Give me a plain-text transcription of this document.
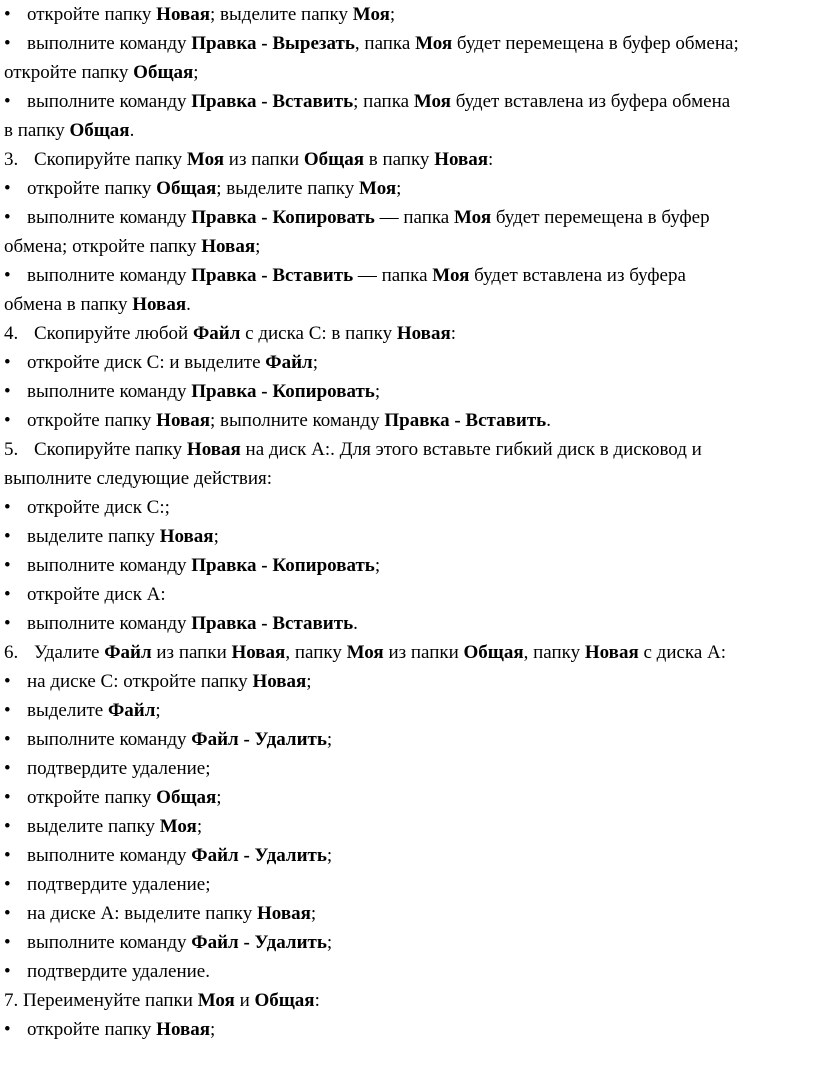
• откройте папку Новая; выделите папку Моя;
• выполните команду Правка - Вырезать, папка Моя будет перемещена в буфер обмена;
откройте папку Общая;
• выполните команду Правка - Вставить; папка Моя будет вставлена из буфера обмена
в папку Общая.
3. Скопируйте папку Моя из папки Общая в папку Новая:
• откройте папку Общая; выделите папку Моя;
• выполните команду Правка - Копировать — папка Моя будет перемещена в буфер
обмена; откройте папку Новая;
• выполните команду Правка - Вставить — папка Моя будет вставлена из буфера
обмена в папку Новая.
4. Скопируйте любой Файл с диска С: в папку Новая:
• откройте диск С: и выделите Файл;
• выполните команду Правка - Копировать;
• откройте папку Новая; выполните команду Правка - Вставить.
5. Скопируйте папку Новая на диск А:. Для этого вставьте гибкий диск в дисковод и
выполните следующие действия:
• откройте диск С:;
• выделите папку Новая;
• выполните команду Правка - Копировать;
• откройте диск А:
• выполните команду Правка - Вставить.
6. Удалите Файл из папки Новая, папку Моя из папки Общая, папку Новая с диска А:
• на диске С: откройте папку Новая;
• выделите Файл;
• выполните команду Файл - Удалить;
• подтвердите удаление;
• откройте папку Общая;
• выделите папку Моя;
• выполните команду Файл - Удалить;
• подтвердите удаление;
• на диске А: выделите папку Новая;
• выполните команду Файл - Удалить;
• подтвердите удаление.
7. Переименуйте папки Моя и Общая:
• откройте папку Новая;
